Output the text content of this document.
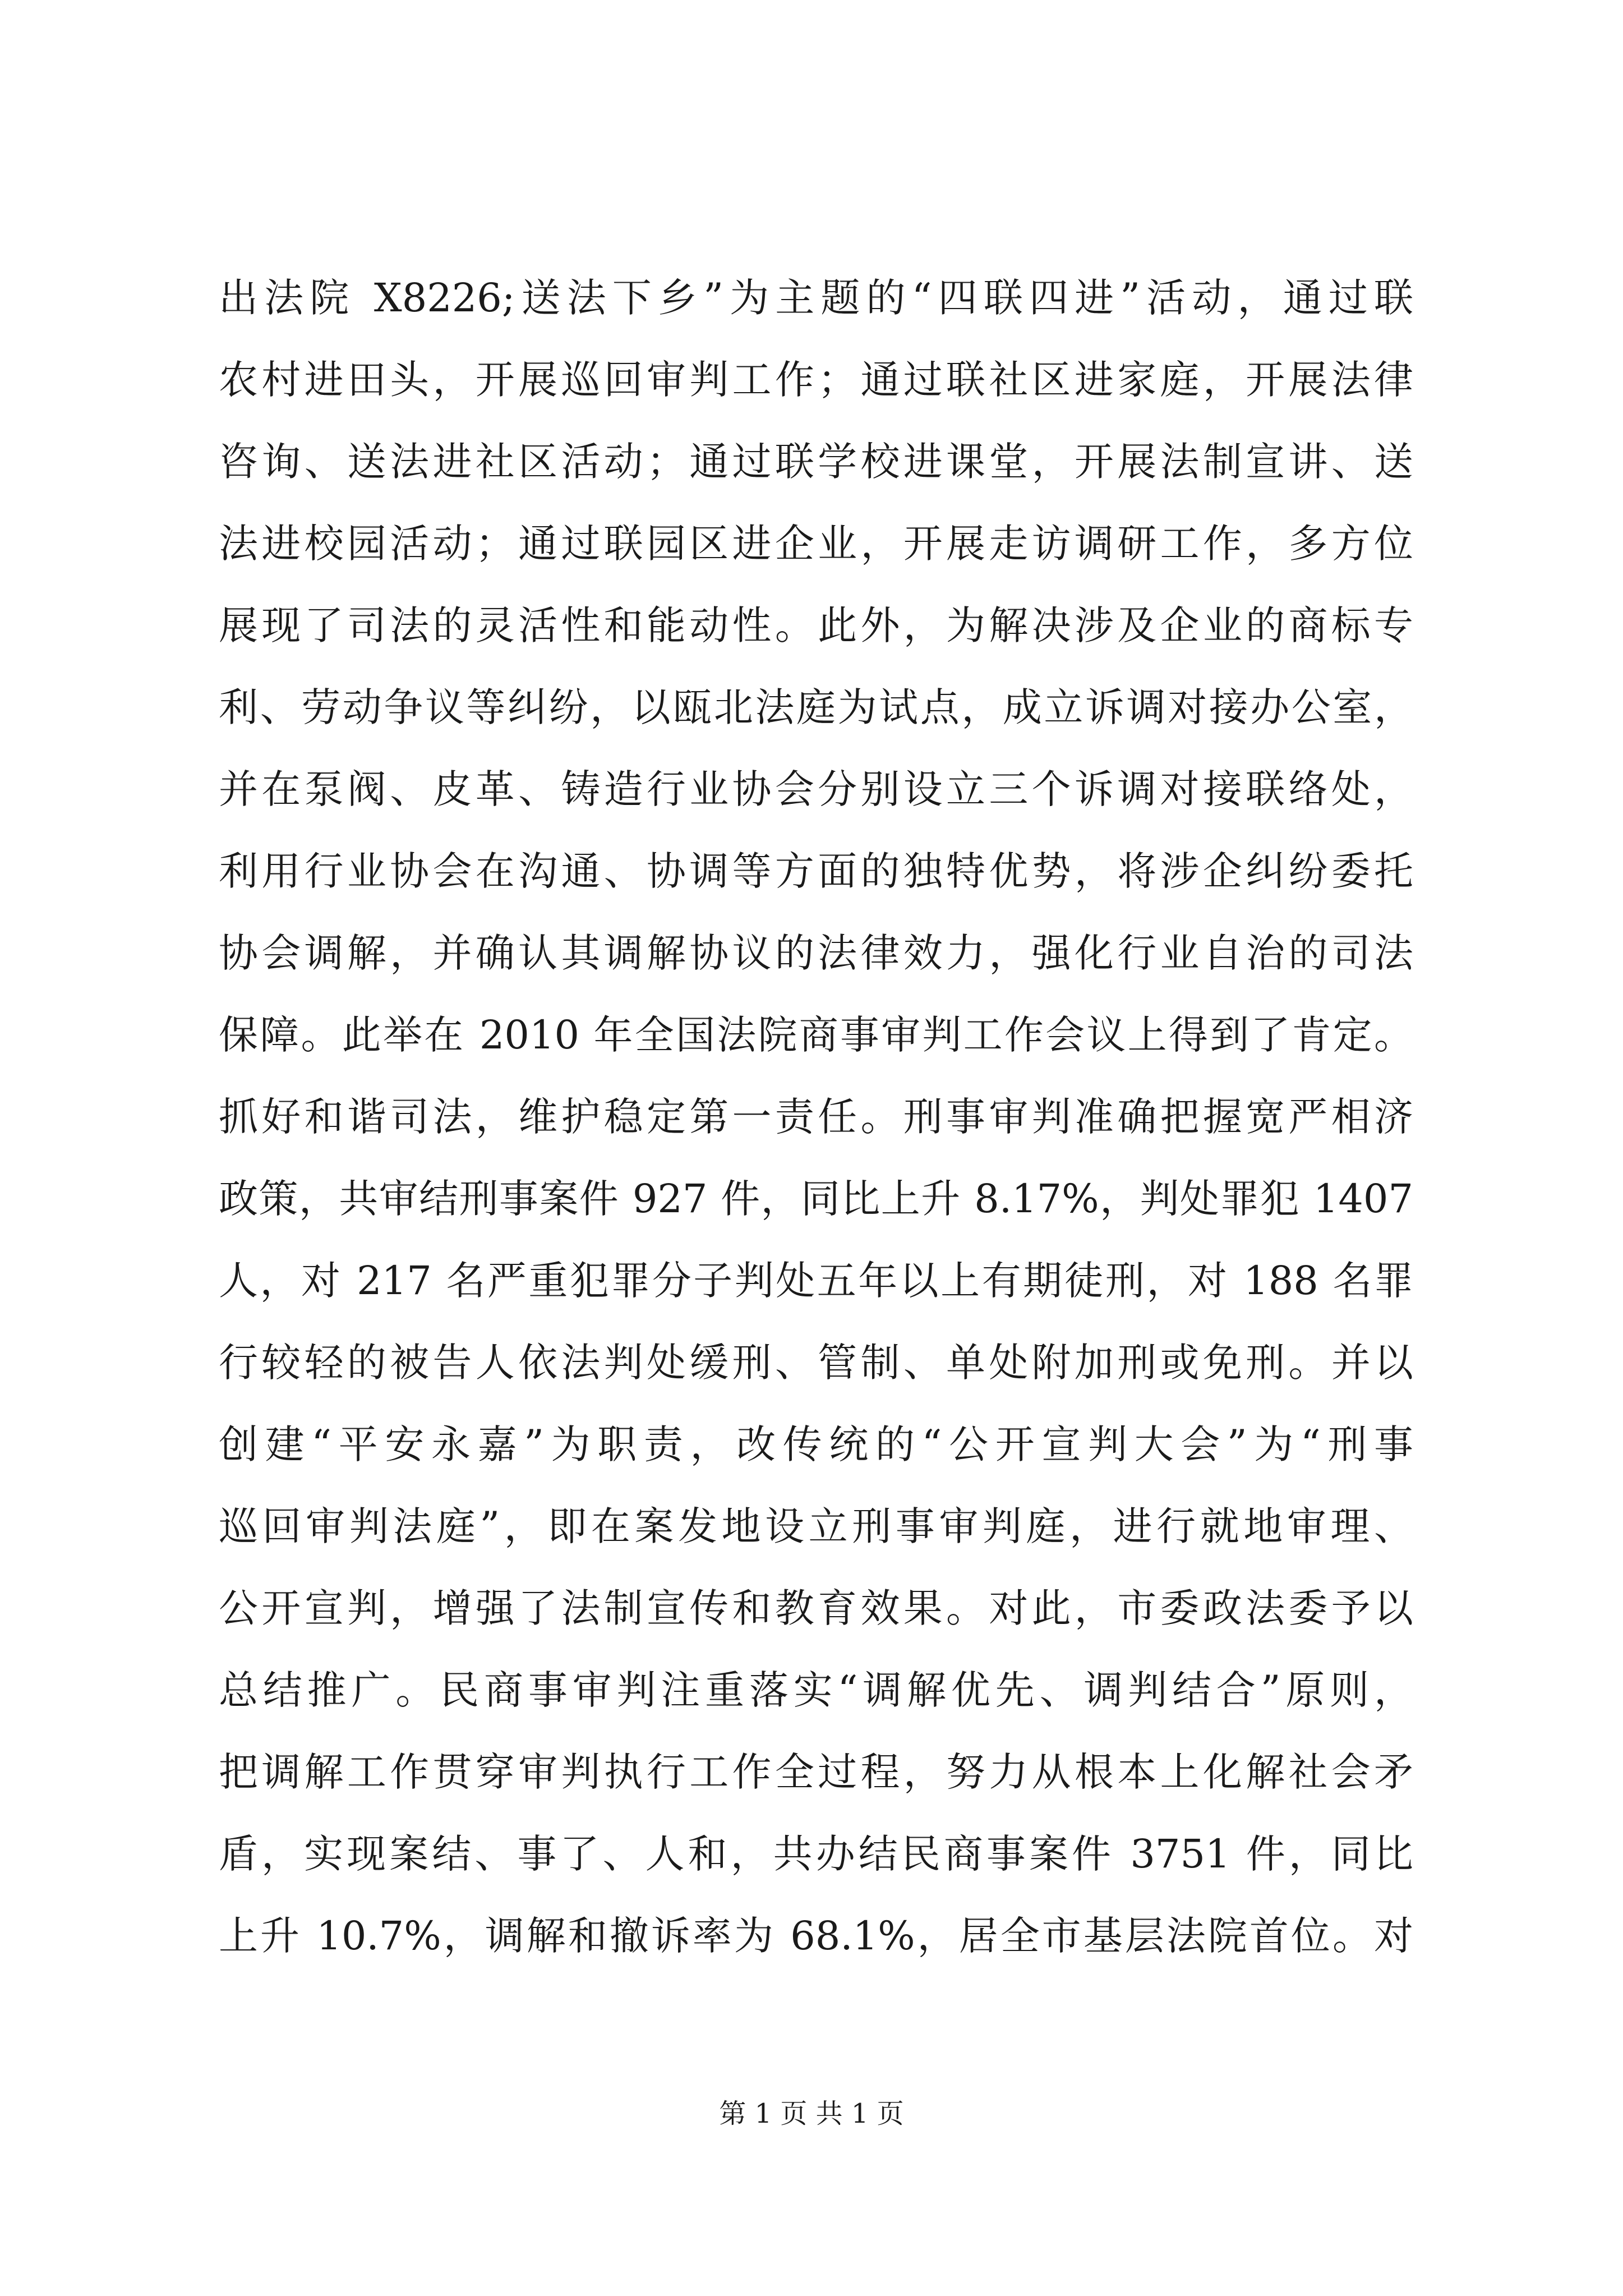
出法院 X8226;送法下乡”为主题的“四联四进”活动，通过联
农村进田头，开展巡回审判工作；通过联社区进家庭，开展法律
咨询、送法进社区活动；通过联学校进课堂，开展法制宣讲、送
法进校园活动；通过联园区进企业，开展走访调研工作，多方位
展现了司法的灵活性和能动性。此外，为解决涉及企业的商标专
利、劳动争议等纠纷，以瓯北法庭为试点，成立诉调对接办公室，
并在泵阀、皮革、铸造行业协会分别设立三个诉调对接联络处，
利用行业协会在沟通、协调等方面的独特优势，将涉企纠纷委托
协会调解，并确认其调解协议的法律效力，强化行业自治的司法
保障。此举在 2010 年全国法院商事审判工作会议上得到了肯定。
抓好和谐司法，维护稳定第一责任。刑事审判准确把握宽严相济
政策，共审结刑事案件 927 件，同比上升 8.17%，判处罪犯 1407
人，对 217 名严重犯罪分子判处五年以上有期徒刑，对 188 名罪
行较轻的被告人依法判处缓刑、管制、单处附加刑或免刑。并以
创建“平安永嘉”为职责，改传统的“公开宣判大会”为“刑事
巡回审判法庭”，即在案发地设立刑事审判庭，进行就地审理、
公开宣判，增强了法制宣传和教育效果。对此，市委政法委予以
总结推广。民商事审判注重落实“调解优先、调判结合”原则，
把调解工作贯穿审判执行工作全过程，努力从根本上化解社会矛
盾，实现案结、事了、人和，共办结民商事案件 3751 件，同比
上升 10.7%，调解和撤诉率为 68.1%，居全市基层法院首位。对
第 1 页 共 1 页
